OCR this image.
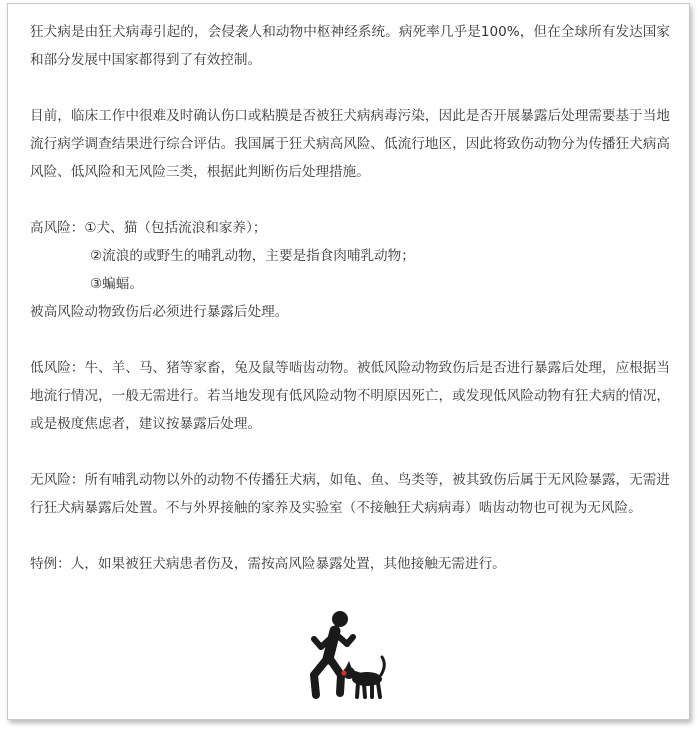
狂犬病是由狂犬病毒引起的，会侵袭人和动物中枢神经系统。病死率几乎是100%，但在全球所有发达国家和部分发展中国家都得到了有效控制。

目前，临床工作中很难及时确认伤口或粘膜是否被狂犬病病毒污染，因此是否开展暴露后处理需要基于当地流行病学调查结果进行综合评估。我国属于狂犬病高风险、低流行地区，因此将致伤动物分为传播狂犬病高风险、低风险和无风险三类，根据此判断伤后处理措施。

高风险：①犬、猫（包括流浪和家养）；
②流浪的或野生的哺乳动物，主要是指食肉哺乳动物；
③蝙蝠。
被高风险动物致伤后必须进行暴露后处理。

低风险：牛、羊、马、猪等家畜，兔及鼠等啮齿动物。被低风险动物致伤后是否进行暴露后处理，应根据当地流行情况，一般无需进行。若当地发现有低风险动物不明原因死亡，或发现低风险动物有狂犬病的情况，或是极度焦虑者，建议按暴露后处理。

无风险：所有哺乳动物以外的动物不传播狂犬病，如龟、鱼、鸟类等，被其致伤后属于无风险暴露，无需进行狂犬病暴露后处置。不与外界接触的家养及实验室（不接触狂犬病病毒）啮齿动物也可视为无风险。

特例：人，如果被狂犬病患者伤及，需按高风险暴露处置，其他接触无需进行。
